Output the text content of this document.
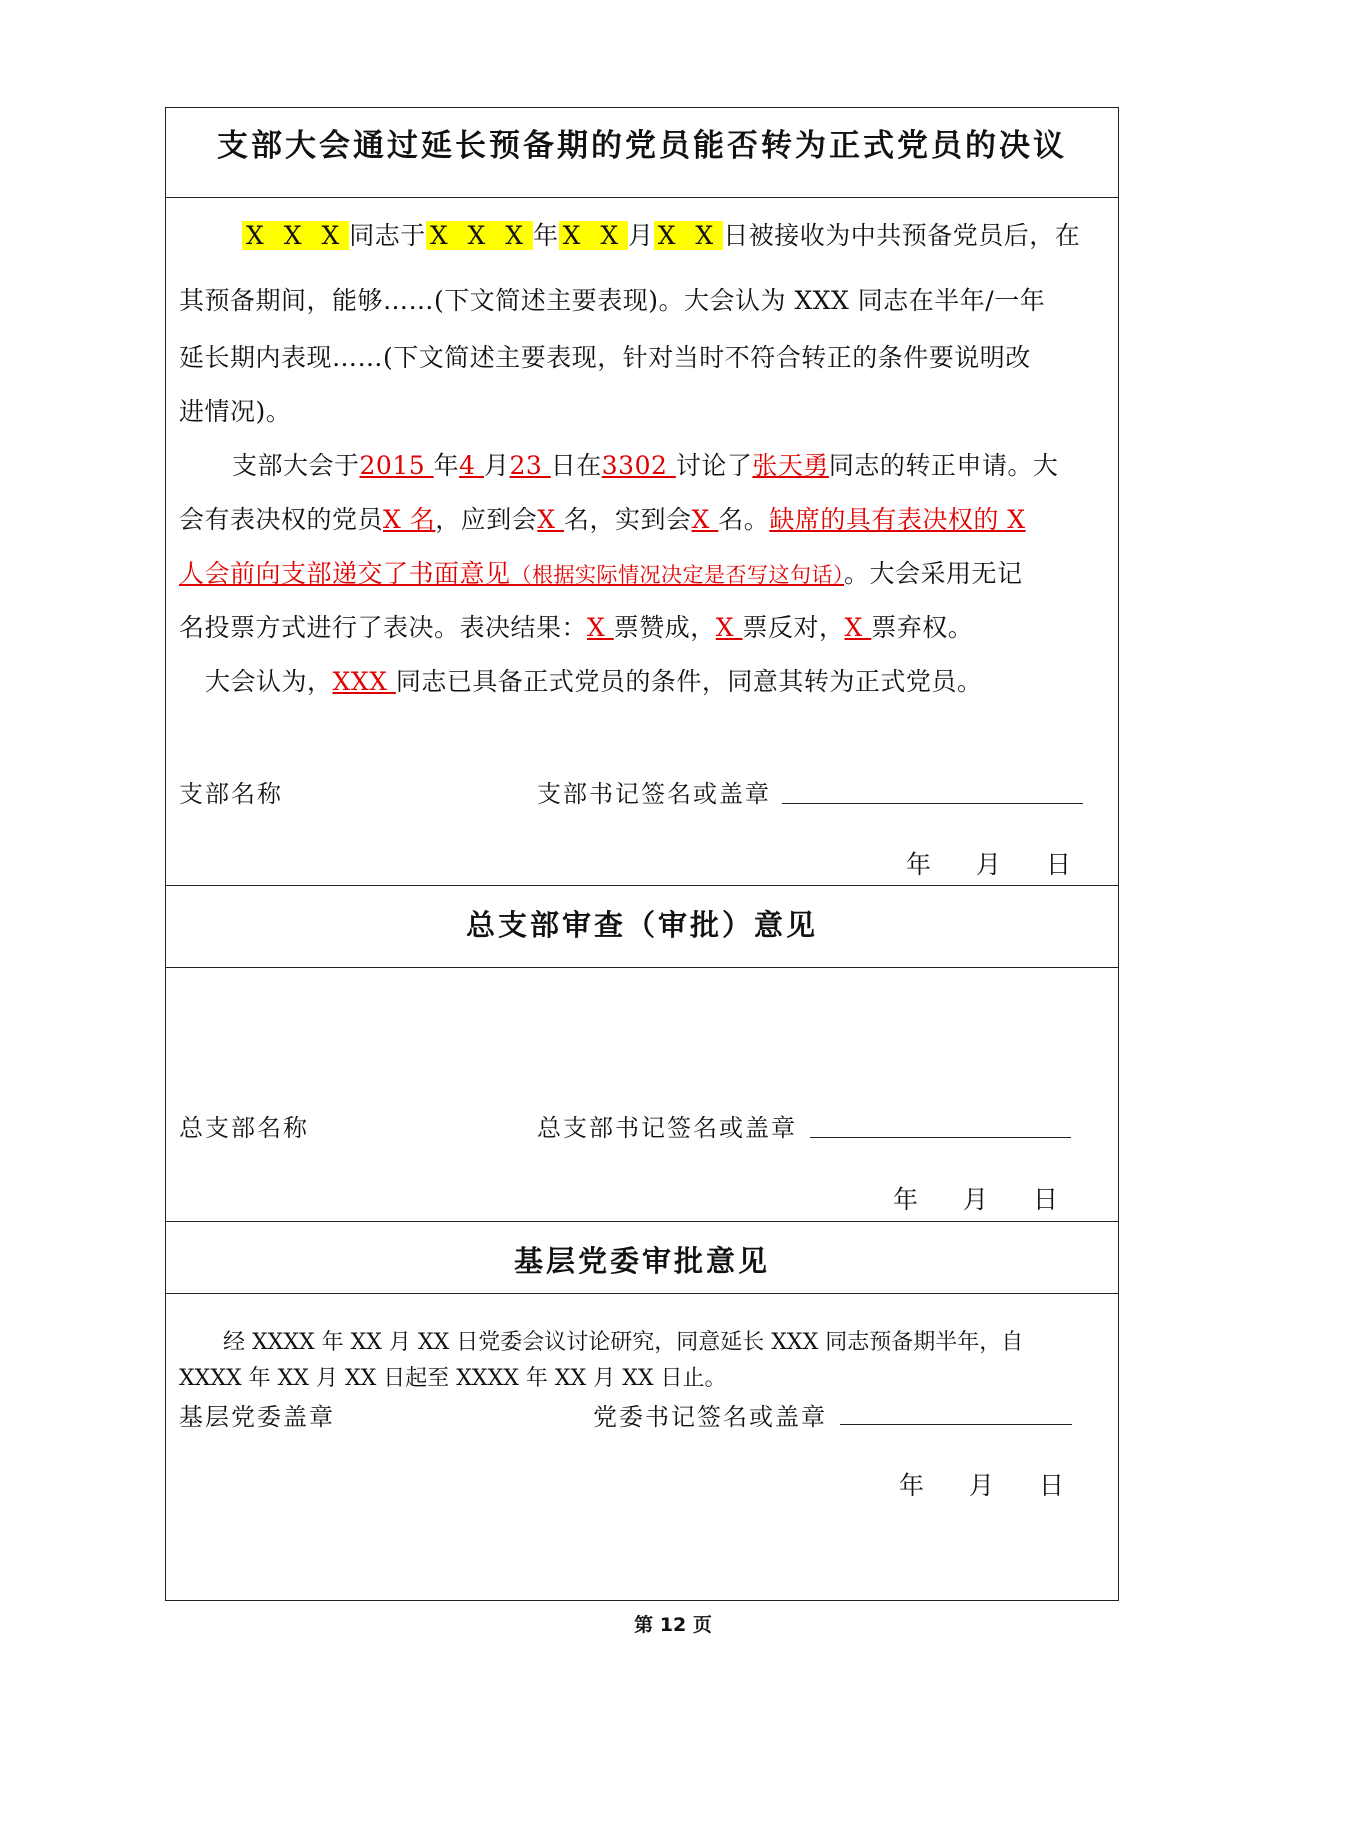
支部大会通过延长预备期的党员能否转为正式党员的决议
X X X 同志于 X X X 年 X X 月 X X 日被接收为中共预备党员后，在
其预备期间，能够……(下文简述主要表现)。大会认为 XXX 同志在半年/一年
延长期内表现……(下文简述主要表现，针对当时不符合转正的条件要说明改
进情况)。
支部大会于2015 年4 月23 日在3302 讨论了张天勇同志的转正申请。大
会有表决权的党员X 名，应到会X 名，实到会X 名。缺席的具有表决权的 X
人会前向支部递交了书面意见（根据实际情况决定是否写这句话）。大会采用无记
名投票方式进行了表决。表决结果：X 票赞成，X 票反对，X 票弃权。
大会认为，XXX 同志已具备正式党员的条件，同意其转为正式党员。
支部名称	支部书记签名或盖章
年 月 日
总支部审查（审批）意见
总支部名称	总支部书记签名或盖章
年 月 日
基层党委审批意见
经 XXXX 年 XX 月 XX 日党委会议讨论研究，同意延长 XXX 同志预备期半年，自
XXXX 年 XX 月 XX 日起至 XXXX 年 XX 月 XX 日止。
基层党委盖章	党委书记签名或盖章
年 月 日
第 12 页
